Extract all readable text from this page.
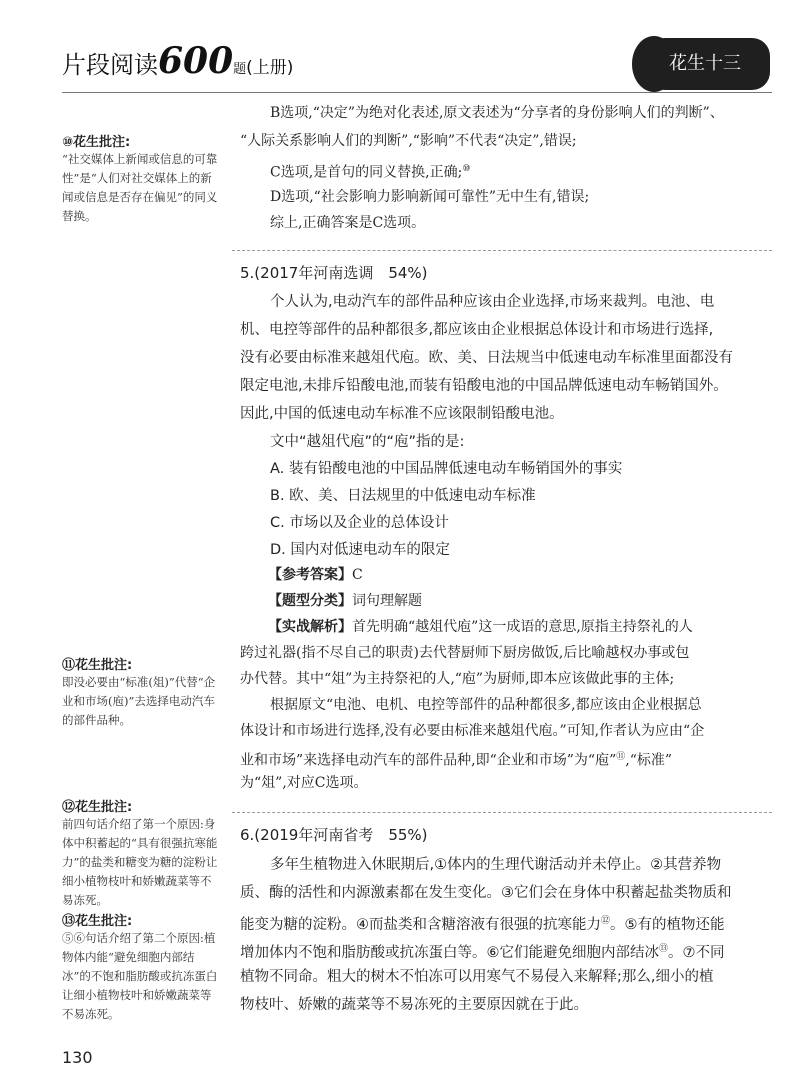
片段阅读600题(上册)	花生十三
⑩花生批注:
“社交媒体上新闻或信息的可靠性”是“人们对社交媒体上的新闻或信息是否存在偏见”的同义替换。
⑪花生批注:
即没必要由“标准(俎)”代替“企业和市场(庖)”去选择电动汽车的部件品种。
⑫花生批注:
前四句话介绍了第一个原因:身体中积蓄起的“具有很强抗寒能力”的盐类和糖变为糖的淀粉让细小植物枝叶和娇嫩蔬菜等不易冻死。
⑬花生批注:
⑤⑥句话介绍了第二个原因:植物体内能“避免细胞内部结冰”的不饱和脂肪酸或抗冻蛋白让细小植物枝叶和娇嫩蔬菜等不易冻死。
B选项,“决定”为绝对化表述,原文表述为“分享者的身份影响人们的判断”、
“人际关系影响人们的判断”,“影响”不代表“决定”,错误;
C选项,是首句的同义替换,正确;⑩
D选项,“社会影响力影响新闻可靠性”无中生有,错误;
综上,正确答案是C选项。
5.(2017年河南选调　54%)
个人认为,电动汽车的部件品种应该由企业选择,市场来裁判。电池、电
机、电控等部件的品种都很多,都应该由企业根据总体设计和市场进行选择,
没有必要由标准来越俎代庖。欧、美、日法规当中低速电动车标准里面都没有
限定电池,未排斥铅酸电池,而装有铅酸电池的中国品牌低速电动车畅销国外。
因此,中国的低速电动车标准不应该限制铅酸电池。
文中“越俎代庖”的“庖”指的是:
A. 装有铅酸电池的中国品牌低速电动车畅销国外的事实
B. 欧、美、日法规里的中低速电动车标准
C. 市场以及企业的总体设计
D. 国内对低速电动车的限定
【参考答案】C
【题型分类】词句理解题
【实战解析】首先明确“越俎代庖”这一成语的意思,原指主持祭礼的人
跨过礼器(指不尽自己的职责)去代替厨师下厨房做饭,后比喻越权办事或包
办代替。其中“俎”为主持祭祀的人,“庖”为厨师,即本应该做此事的主体;
根据原文“电池、电机、电控等部件的品种都很多,都应该由企业根据总
体设计和市场进行选择,没有必要由标准来越俎代庖。”可知,作者认为应由“企
业和市场”来选择电动汽车的部件品种,即“企业和市场”为“庖”⑪,“标准”
为“俎”,对应C选项。
6.(2019年河南省考　55%)
多年生植物进入休眠期后,①体内的生理代谢活动并未停止。②其营养物
质、酶的活性和内源激素都在发生变化。③它们会在身体中积蓄起盐类物质和
能变为糖的淀粉。④而盐类和含糖溶液有很强的抗寒能力⑫。⑤有的植物还能
增加体内不饱和脂肪酸或抗冻蛋白等。⑥它们能避免细胞内部结冰⑬。⑦不同
植物不同命。粗大的树木不怕冻可以用寒气不易侵入来解释;那么,细小的植
物枝叶、娇嫩的蔬菜等不易冻死的主要原因就在于此。
130
